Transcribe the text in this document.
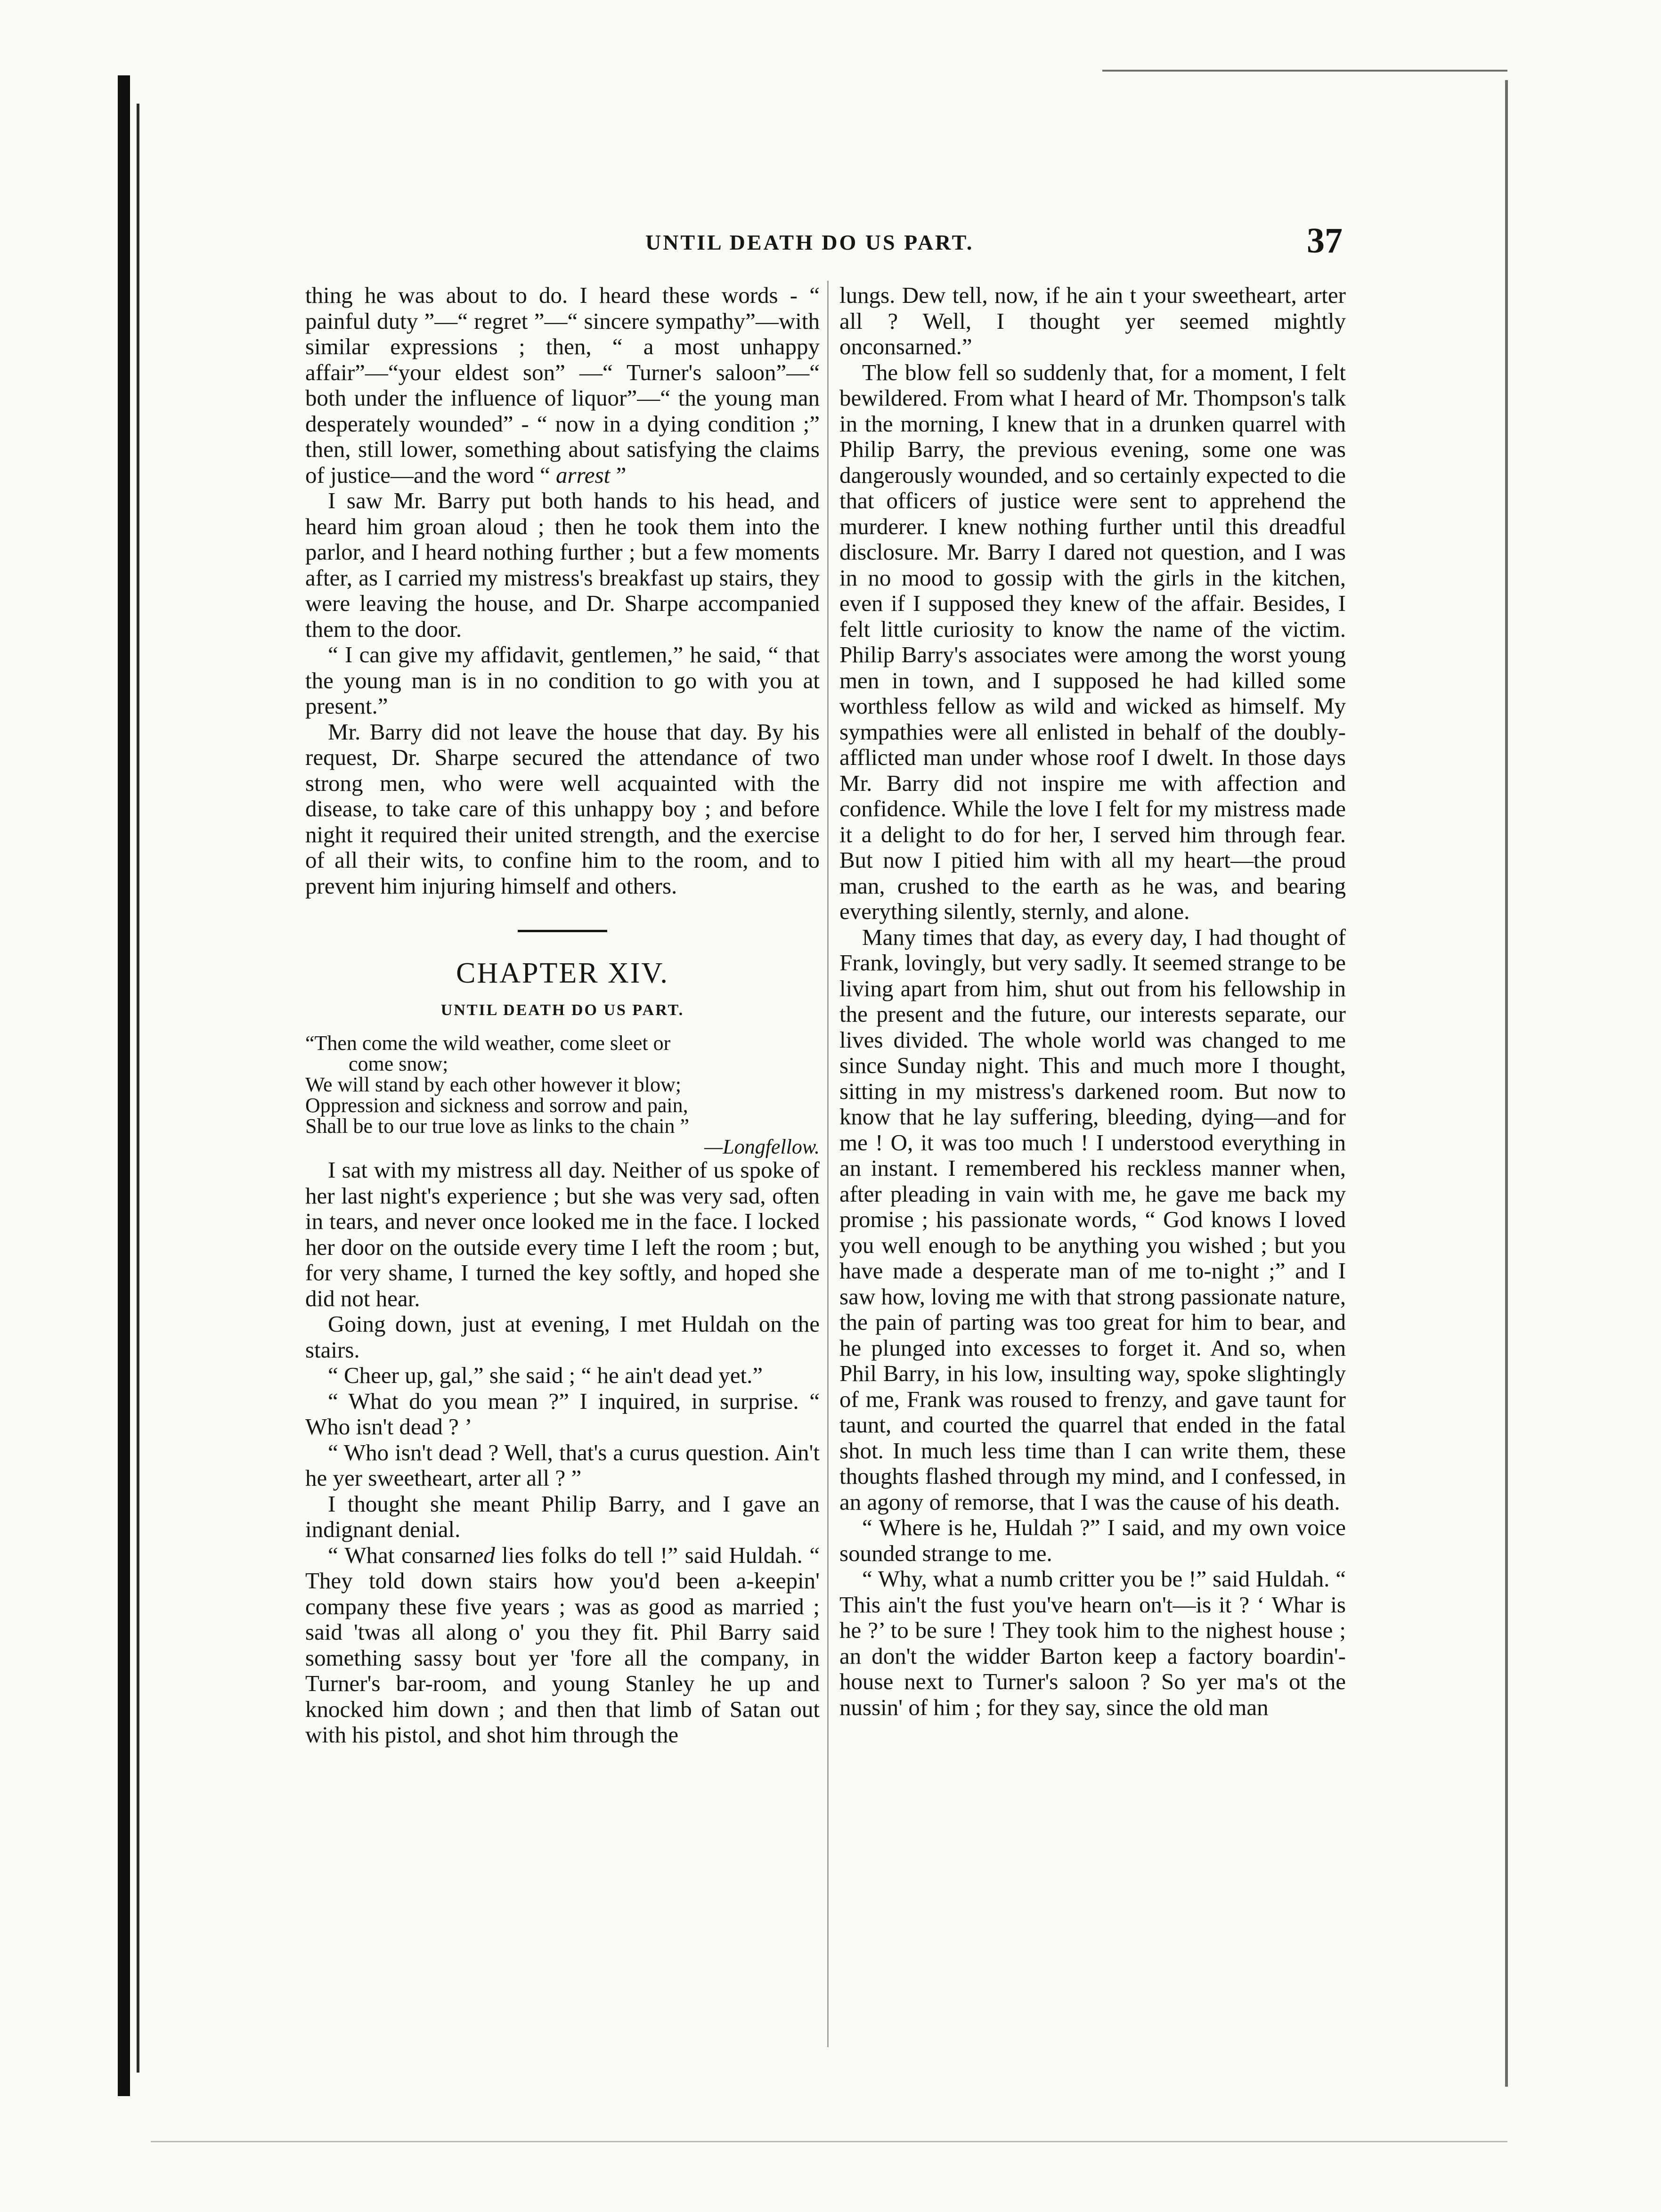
UNTIL DEATH DO US PART.	37

thing he was about to do. I heard these words - “ painful duty ”—“ regret ”—“ sincere sympathy”—with similar expressions ; then, “ a most unhappy affair”—“your eldest son” —“ Turner's saloon”—“ both under the influence of liquor”—“ the young man desperately wounded” - “ now in a dying condition ;” then, still lower, something about satisfying the claims of justice—and the word “ arrest ”

I saw Mr. Barry put both hands to his head, and heard him groan aloud ; then he took them into the parlor, and I heard nothing further ; but a few moments after, as I carried my mistress's breakfast up stairs, they were leaving the house, and Dr. Sharpe accompanied them to the door.

“ I can give my affidavit, gentlemen,” he said, “ that the young man is in no condition to go with you at present.”

Mr. Barry did not leave the house that day. By his request, Dr. Sharpe secured the attendance of two strong men, who were well acquainted with the disease, to take care of this unhappy boy ; and before night it required their united strength, and the exercise of all their wits, to confine him to the room, and to prevent him injuring himself and others.

CHAPTER XIV.
UNTIL DEATH DO US PART.
“Then come the wild weather, come sleet or
come snow;
We will stand by each other however it blow;
Oppression and sickness and sorrow and pain,
Shall be to our true love as links to the chain ”
—Longfellow.

I sat with my mistress all day. Neither of us spoke of her last night's experience ; but she was very sad, often in tears, and never once looked me in the face. I locked her door on the outside every time I left the room ; but, for very shame, I turned the key softly, and hoped she did not hear.

Going down, just at evening, I met Huldah on the stairs.

“ Cheer up, gal,” she said ; “ he ain't dead yet.”

“ What do you mean ?” I inquired, in surprise. “ Who isn't dead ? ’

“ Who isn't dead ? Well, that's a curus question. Ain't he yer sweetheart, arter all ? ”

I thought she meant Philip Barry, and I gave an indignant denial.

“ What consarned lies folks do tell !” said Huldah. “ They told down stairs how you'd been a-keepin' company these five years ; was as good as married ; said 'twas all along o' you they fit. Phil Barry said something sassy bout yer 'fore all the company, in Turner's bar-room, and young Stanley he up and knocked him down ; and then that limb of Satan out with his pistol, and shot him through the

lungs. Dew tell, now, if he ain t your sweetheart, arter all ? Well, I thought yer seemed mightly onconsarned.”

The blow fell so suddenly that, for a moment, I felt bewildered. From what I heard of Mr. Thompson's talk in the morning, I knew that in a drunken quarrel with Philip Barry, the previous evening, some one was dangerously wounded, and so certainly expected to die that officers of justice were sent to apprehend the murderer. I knew nothing further until this dreadful disclosure. Mr. Barry I dared not question, and I was in no mood to gossip with the girls in the kitchen, even if I supposed they knew of the affair. Besides, I felt little curiosity to know the name of the victim. Philip Barry's associates were among the worst young men in town, and I supposed he had killed some worthless fellow as wild and wicked as himself. My sympathies were all enlisted in behalf of the doubly-afflicted man under whose roof I dwelt. In those days Mr. Barry did not inspire me with affection and confidence. While the love I felt for my mistress made it a delight to do for her, I served him through fear. But now I pitied him with all my heart—the proud man, crushed to the earth as he was, and bearing everything silently, sternly, and alone.

Many times that day, as every day, I had thought of Frank, lovingly, but very sadly. It seemed strange to be living apart from him, shut out from his fellowship in the present and the future, our interests separate, our lives divided. The whole world was changed to me since Sunday night. This and much more I thought, sitting in my mistress's darkened room. But now to know that he lay suffering, bleeding, dying—and for me ! O, it was too much ! I understood everything in an instant. I remembered his reckless manner when, after pleading in vain with me, he gave me back my promise ; his passionate words, “ God knows I loved you well enough to be anything you wished ; but you have made a desperate man of me to-night ;” and I saw how, loving me with that strong passionate nature, the pain of parting was too great for him to bear, and he plunged into excesses to forget it. And so, when Phil Barry, in his low, insulting way, spoke slightingly of me, Frank was roused to frenzy, and gave taunt for taunt, and courted the quarrel that ended in the fatal shot. In much less time than I can write them, these thoughts flashed through my mind, and I confessed, in an agony of remorse, that I was the cause of his death.

“ Where is he, Huldah ?” I said, and my own voice sounded strange to me.

“ Why, what a numb critter you be !” said Huldah. “ This ain't the fust you've hearn on't—is it ? ‘ Whar is he ?’ to be sure ! They took him to the nighest house ; an don't the widder Barton keep a factory boardin'-house next to Turner's saloon ? So yer ma's ot the nussin' of him ; for they say, since the old man
